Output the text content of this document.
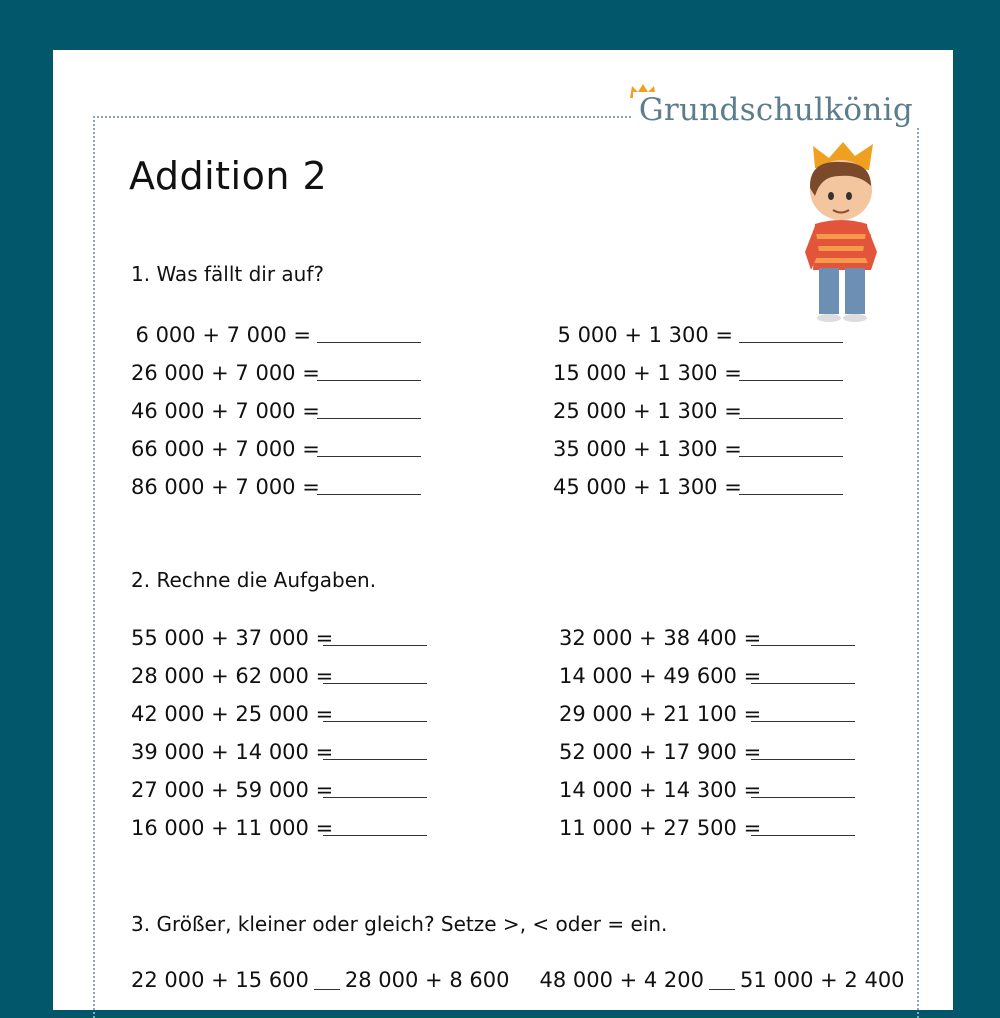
Grundschulkönig
Addition 2
1. Was fällt dir auf?
6 000 + 7 000 =
26 000 + 7 000 =
46 000 + 7 000 =
66 000 + 7 000 =
86 000 + 7 000 =
5 000 + 1 300 =
15 000 + 1 300 =
25 000 + 1 300 =
35 000 + 1 300 =
45 000 + 1 300 =
2. Rechne die Aufgaben.
55 000 + 37 000 =
28 000 + 62 000 =
42 000 + 25 000 =
39 000 + 14 000 =
27 000 + 59 000 =
16 000 + 11 000 =
32 000 + 38 400 =
14 000 + 49 600 =
29 000 + 21 100 =
52 000 + 17 900 =
14 000 + 14 300 =
11 000 + 27 500 =
3. Größer, kleiner oder gleich? Setze >, < oder = ein.
22 000 + 15 600 28 000 + 8 600 48 000 + 4 200 51 000 + 2 400
